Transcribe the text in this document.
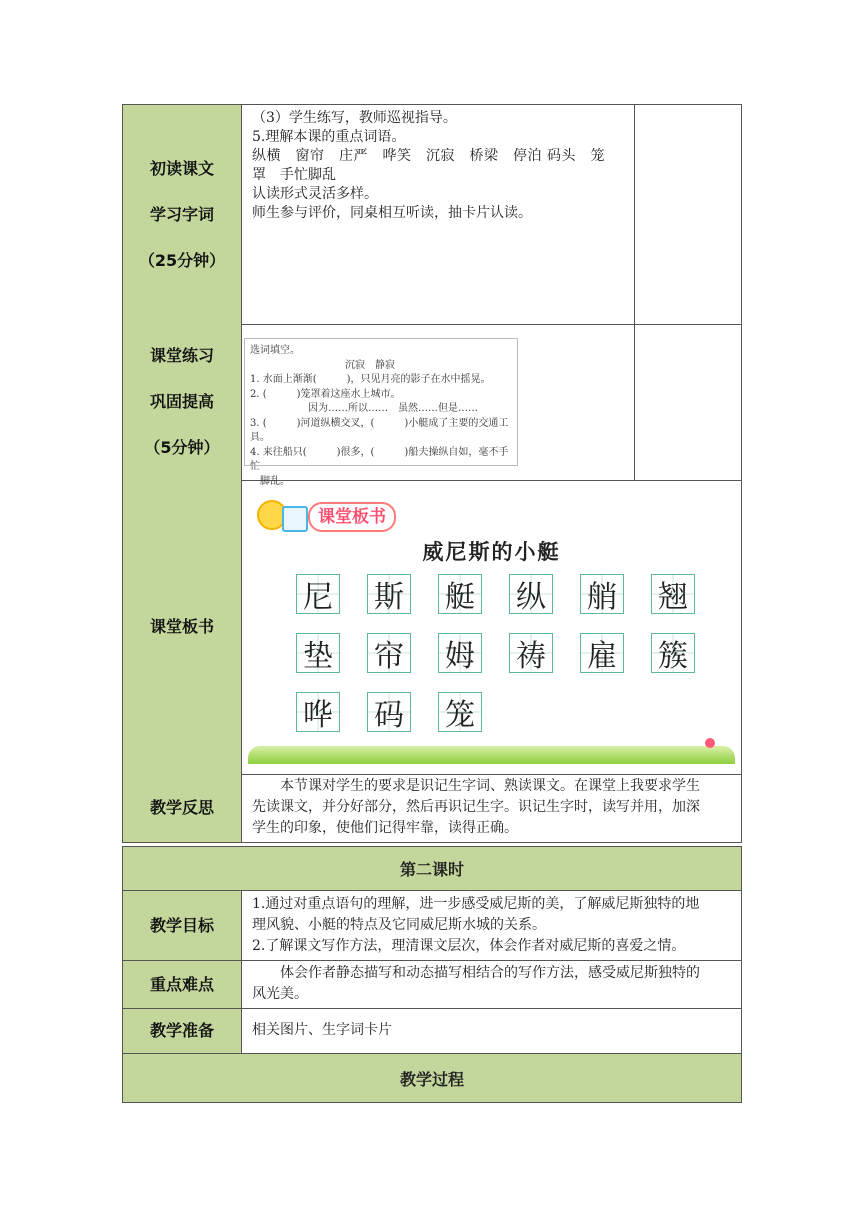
初读课文
学习字词
（25分钟）
（3）学生练写，教师巡视指导。
5.理解本课的重点词语。
纵横　窗帘　庄严　哗笑　沉寂　桥梁　停泊 码头　笼
罩　手忙脚乱
认读形式灵活多样。
师生参与评价，同桌相互听读，抽卡片认读。
课堂练习
巩固提高
（5分钟）
选词填空。
沉寂　静寂
1. 水面上渐渐(　　　)，只见月亮的影子在水中摇晃。
2. (　　　)笼罩着这座水上城市。
因为……所以……　虽然……但是……
3. (　　　)河道纵横交叉，(　　　)小艇成了主要的交通工具。
4. 来往船只(　　　)很多，(　　　)船夫操纵自如，毫不手忙
脚乱。
课堂板书
课堂板书
威尼斯的小艇
尼 斯 艇 纵 艄 翘
垫 帘 姆 祷 雇 簇
哗 码 笼
教学反思
本节课对学生的要求是识记生字词、熟读课文。在课堂上我要求学生
先读课文，并分好部分，然后再识记生字。识记生字时，读写并用，加深
学生的印象，使他们记得牢靠，读得正确。
第二课时
教学目标
1.通过对重点语句的理解，进一步感受威尼斯的美，了解威尼斯独特的地
理风貌、小艇的特点及它同威尼斯水城的关系。
2.了解课文写作方法，理清课文层次，体会作者对威尼斯的喜爱之情。
重点难点
体会作者静态描写和动态描写相结合的写作方法，感受威尼斯独特的
风光美。
教学准备	相关图片、生字词卡片
教学过程
